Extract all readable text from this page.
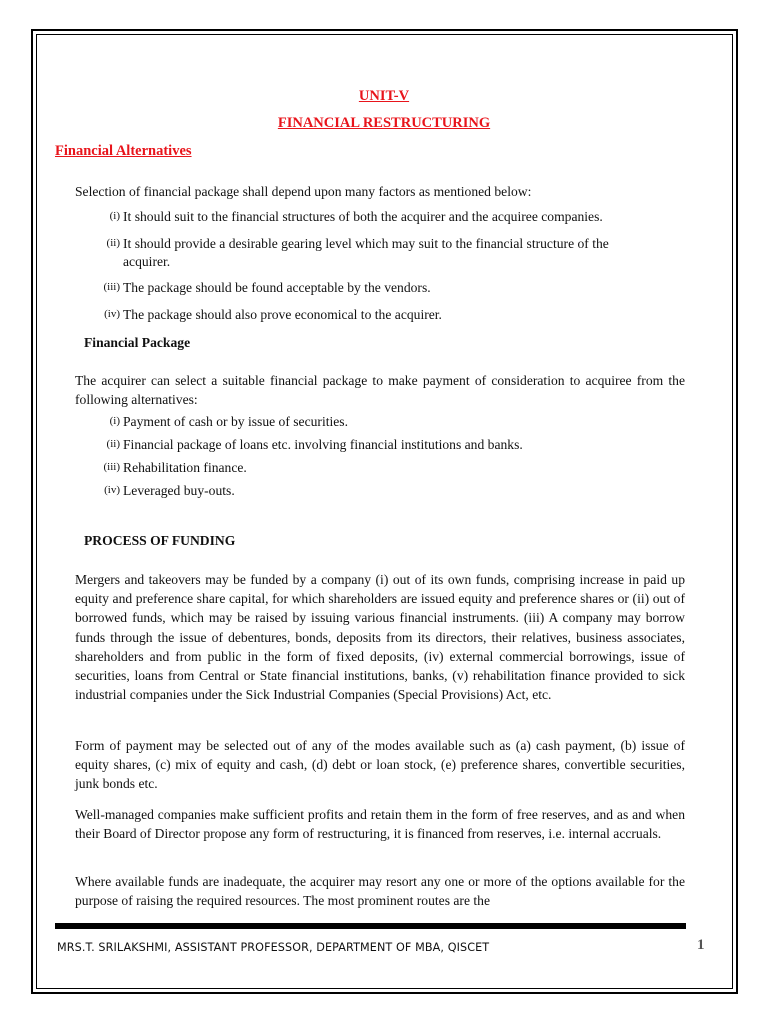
UNIT-V
FINANCIAL RESTRUCTURING
Financial Alternatives
Selection of financial package shall depend upon many factors as mentioned below:
(i) It should suit to the financial structures of both the acquirer and the acquiree companies.
(ii) It should provide a desirable gearing level which may suit to the financial structure of the
acquirer.
(iii) The package should be found acceptable by the vendors.
(iv) The package should also prove economical to the acquirer.
Financial Package
The acquirer can select a suitable financial package to make payment of consideration to acquiree from the following alternatives:
(i) Payment of cash or by issue of securities.
(ii) Financial package of loans etc. involving financial institutions and banks.
(iii) Rehabilitation finance.
(iv) Leveraged buy-outs.
PROCESS OF FUNDING
Mergers and takeovers may be funded by a company (i) out of its own funds, comprising increase in paid up equity and preference share capital, for which shareholders are issued equity and preference shares or (ii) out of borrowed funds, which may be raised by issuing various financial instruments. (iii) A company may borrow funds through the issue of debentures, bonds, deposits from its directors, their relatives, business associates, shareholders and from public in the form of fixed deposits, (iv) external commercial borrowings, issue of securities, loans from Central or State financial institutions, banks, (v) rehabilitation finance provided to sick industrial companies under the Sick Industrial Companies (Special Provisions) Act, etc.
Form of payment may be selected out of any of the modes available such as (a) cash payment, (b) issue of equity shares, (c) mix of equity and cash, (d) debt or loan stock, (e) preference shares, convertible securities, junk bonds etc.
Well-managed companies make sufficient profits and retain them in the form of free reserves, and as and when their Board of Director propose any form of restructuring, it is financed from reserves, i.e. internal accruals.
Where available funds are inadequate, the acquirer may resort any one or more of the options available for the purpose of raising the required resources. The most prominent routes are the
MRS.T. SRILAKSHMI, ASSISTANT PROFESSOR, DEPARTMENT OF MBA, QISCET	1
